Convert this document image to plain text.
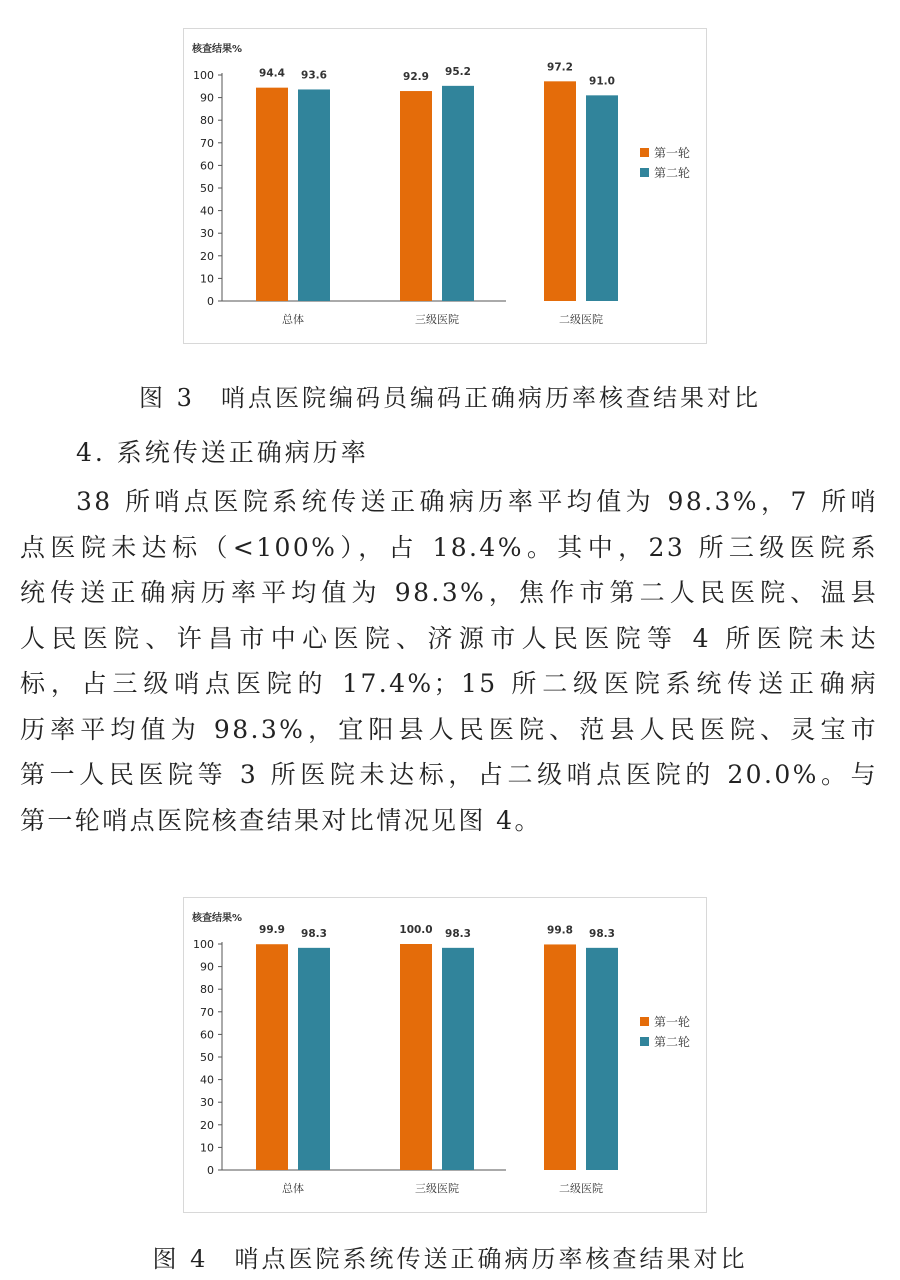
核查结果%
0
10
20
30
40
50
60
70
80
90
100	94.4 93.6
总体
92.9 95.2
三级医院
97.2
91.0
二级医院
第一轮
第二轮
图 3 哨点医院编码员编码正确病历率核查结果对比
4. 系统传送正确病历率
38 所哨点医院系统传送正确病历率平均值为 98.3%，7 所哨
点医院未达标（<100%），占 18.4%。其中，23 所三级医院系
统传送正确病历率平均值为 98.3%，焦作市第二人民医院、温县
人民医院、许昌市中心医院、济源市人民医院等 4 所医院未达
标，占三级哨点医院的 17.4%；15 所二级医院系统传送正确病
历率平均值为 98.3%，宜阳县人民医院、范县人民医院、灵宝市
第一人民医院等 3 所医院未达标，占二级哨点医院的 20.0%。与
第一轮哨点医院核查结果对比情况见图 4。
核查结果%
0
10
20
30
40
50
60
70
80
90
100
99.9 98.3
总体
100.0 98.3
三级医院
99.8 98.3
二级医院
第一轮
第二轮
图 4 哨点医院系统传送正确病历率核查结果对比
